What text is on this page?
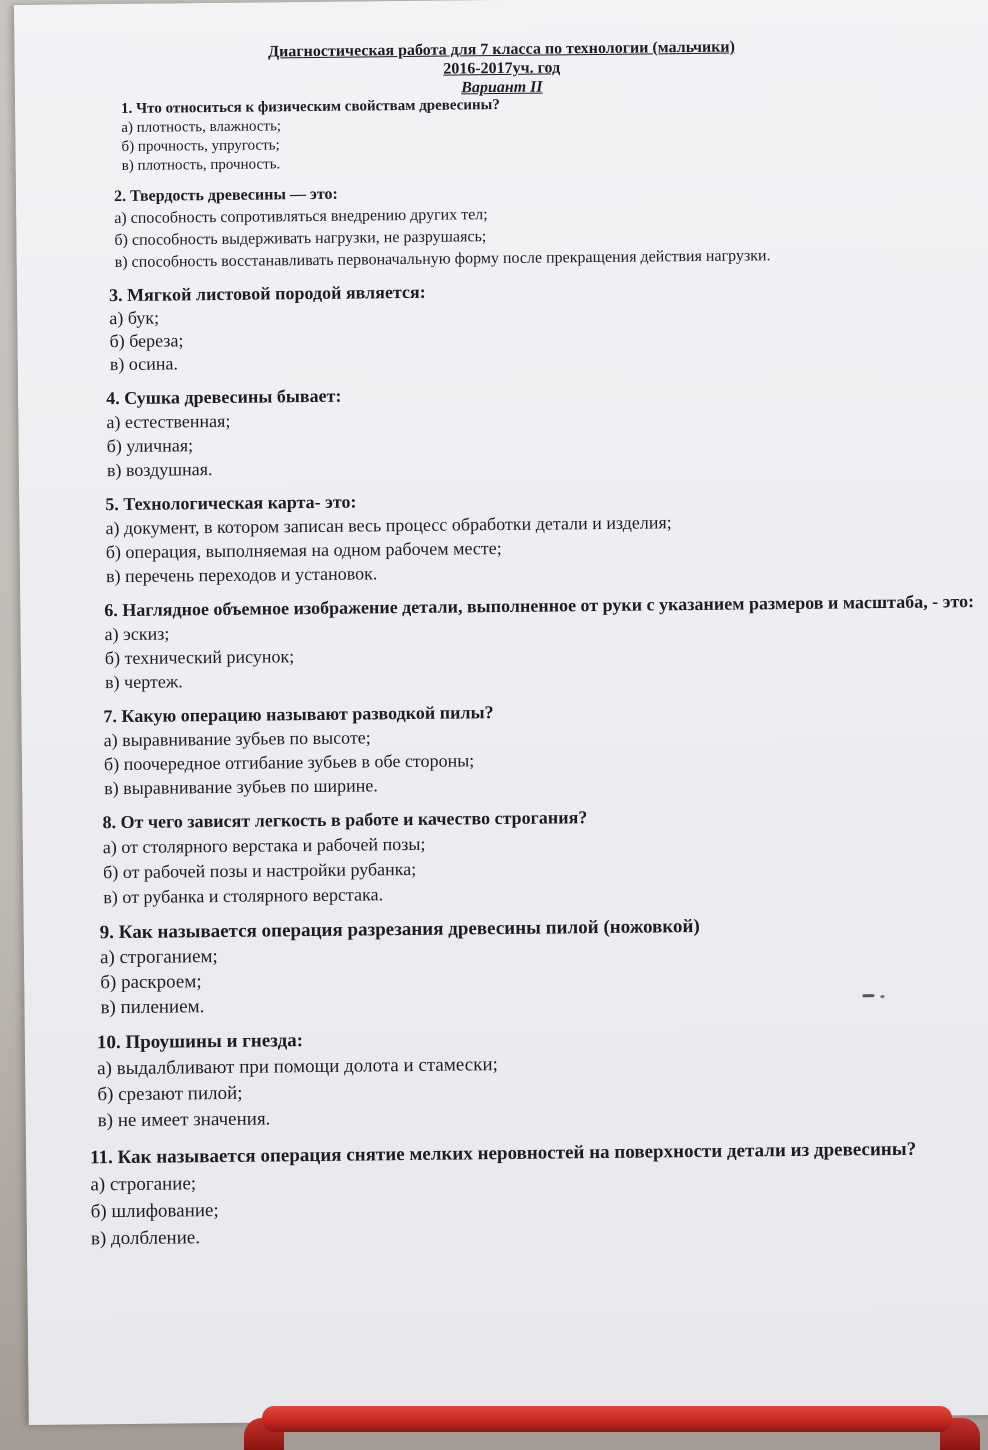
Диагностическая работа для 7 класса по технологии (мальчики)
2016-2017уч. год
Вариант II
1. Что относиться к физическим свойствам древесины?
а) плотность, влажность;
б) прочность, упругость;
в) плотность, прочность.
2. Твердость древесины — это:
а) способность сопротивляться внедрению других тел;
б) способность выдерживать нагрузки, не разрушаясь;
в) способность восстанавливать первоначальную форму после прекращения действия нагрузки.
3. Мягкой листовой породой является:
а) бук;
б) береза;
в) осина.
4. Сушка древесины бывает:
а) естественная;
б) уличная;
в) воздушная.
5. Технологическая карта- это:
а) документ, в котором записан весь процесс обработки детали и изделия;
б) операция, выполняемая на одном рабочем месте;
в) перечень переходов и установок.
6. Наглядное объемное изображение детали, выполненное от руки с указанием размеров и масштаба, - это:
а) эскиз;
б) технический рисунок;
в) чертеж.
7. Какую операцию называют разводкой пилы?
а) выравнивание зубьев по высоте;
б) поочередное отгибание зубьев в обе стороны;
в) выравнивание зубьев по ширине.
8. От чего зависят легкость в работе и качество строгания?
а) от столярного верстака и рабочей позы;
б) от рабочей позы и настройки рубанка;
в) от рубанка и столярного верстака.
9. Как называется операция разрезания древесины пилой (ножовкой)
а) строганием;
б) раскроем;
в) пилением.
10. Проушины и гнезда:
а) выдалбливают при помощи долота и стамески;
б) срезают пилой;
в) не имеет значения.
11. Как называется операция снятие мелких неровностей на поверхности детали из древесины?
а) строгание;
б) шлифование;
в) долбление.
